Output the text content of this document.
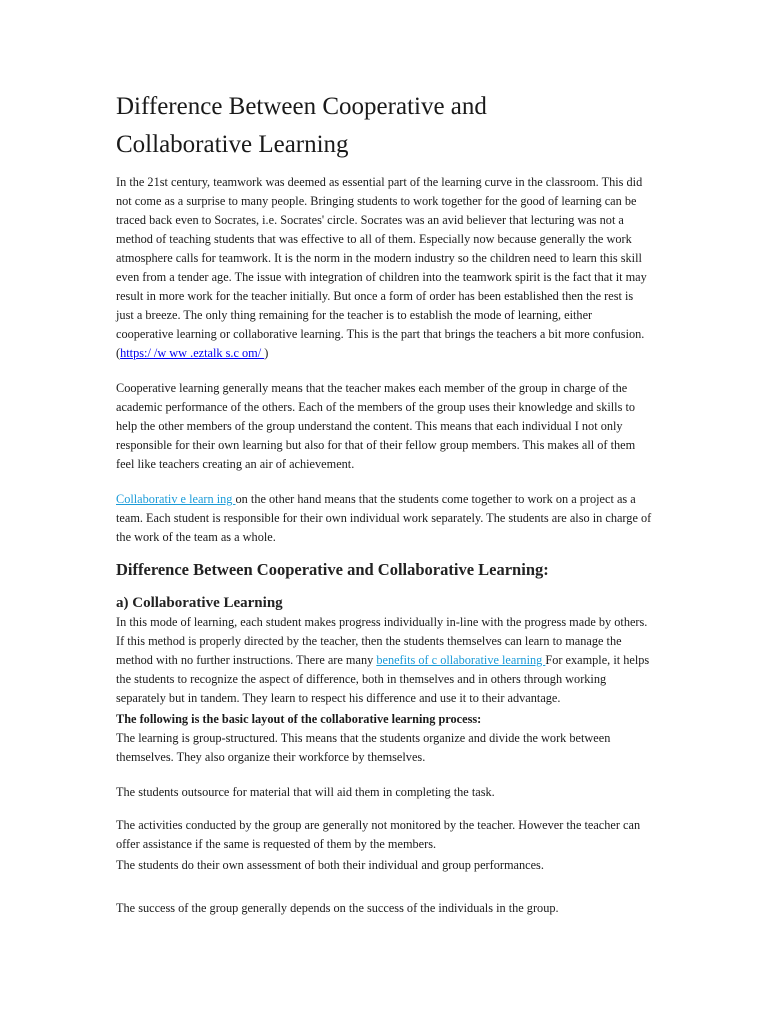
Difference Between Cooperative and
Collaborative Learning

In the 21st century, teamwork was deemed as essential part of the learning curve in the classroom. This did not come as a surprise to many people. Bringing students to work together for the good of learning can be traced back even to Socrates, i.e. Socrates' circle. Socrates was an avid believer that lecturing was not a method of teaching students that was effective to all of them. Especially now because generally the work atmosphere calls for teamwork. It is the norm in the modern industry so the children need to learn this skill even from a tender age. The issue with integration of children into the teamwork spirit is the fact that it may result in more work for the teacher initially. But once a form of order has been established then the rest is just a breeze. The only thing remaining for the teacher is to establish the mode of learning, either cooperative learning or collaborative learning. This is the part that brings the teachers a bit more confusion. (https:/ /w ww .eztalk s.c om/ )

Cooperative learning generally means that the teacher makes each member of the group in charge of the academic performance of the others. Each of the members of the group uses their knowledge and skills to help the other members of the group understand the content. This means that each individual I not only responsible for their own learning but also for that of their fellow group members. This makes all of them feel like teachers creating an air of achievement.

Collaborativ e learn ing on the other hand means that the students come together to work on a project as a team. Each student is responsible for their own individual work separately. The students are also in charge of the work of the team as a whole.

Difference Between Cooperative and Collaborative Learning:
a) Collaborative Learning

In this mode of learning, each student makes progress individually in-line with the progress made by others. If this method is properly directed by the teacher, then the students themselves can learn to manage the method with no further instructions. There are many benefits of c ollaborative learning For example, it helps the students to recognize the aspect of difference, both in themselves and in others through working separately but in tandem. They learn to respect his difference and use it to their advantage.

The following is the basic layout of the collaborative learning process:

The learning is group-structured. This means that the students organize and divide the work between themselves. They also organize their workforce by themselves.

The students outsource for material that will aid them in completing the task.

The activities conducted by the group are generally not monitored by the teacher. However the teacher can offer assistance if the same is requested of them by the members.

The students do their own assessment of both their individual and group performances.

The success of the group generally depends on the success of the individuals in the group.
